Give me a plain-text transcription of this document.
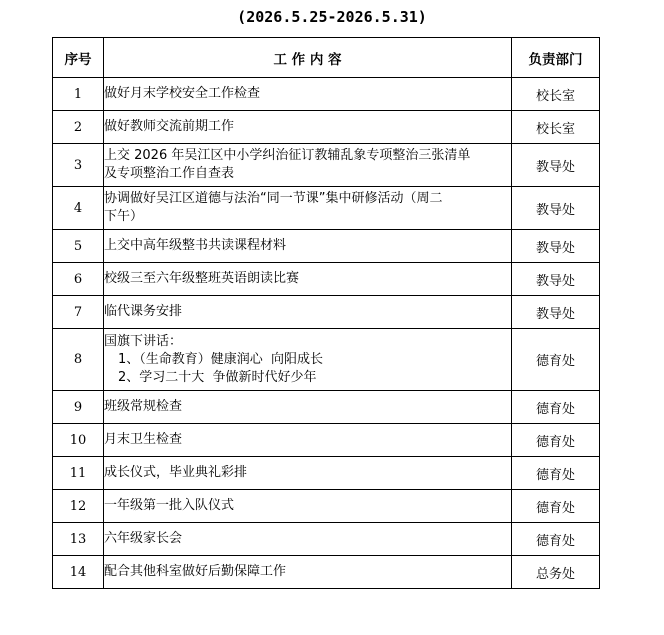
(2026.5.25-2026.5.31)
序号	工 作 内 容	负责部门
1	做好月末学校安全工作检查	校长室
2	做好教师交流前期工作	校长室
3	上交 2026 年吴江区中小学纠治征订教辅乱象专项整治三张清单
及专项整治工作自查表	教导处
4	协调做好吴江区道德与法治“同一节课”集中研修活动（周二
下午）	教导处
5	上交中高年级整书共读课程材料	教导处
6	校级三至六年级整班英语朗读比赛	教导处
7	临代课务安排	教导处
8	国旗下讲话：
1、（生命教育）健康润心  向阳成长
2、学习二十大  争做新时代好少年	德育处
9	班级常规检查	德育处
10	月末卫生检查	德育处
11	成长仪式，毕业典礼彩排	德育处
12	一年级第一批入队仪式	德育处
13	六年级家长会	德育处
14	配合其他科室做好后勤保障工作	总务处
